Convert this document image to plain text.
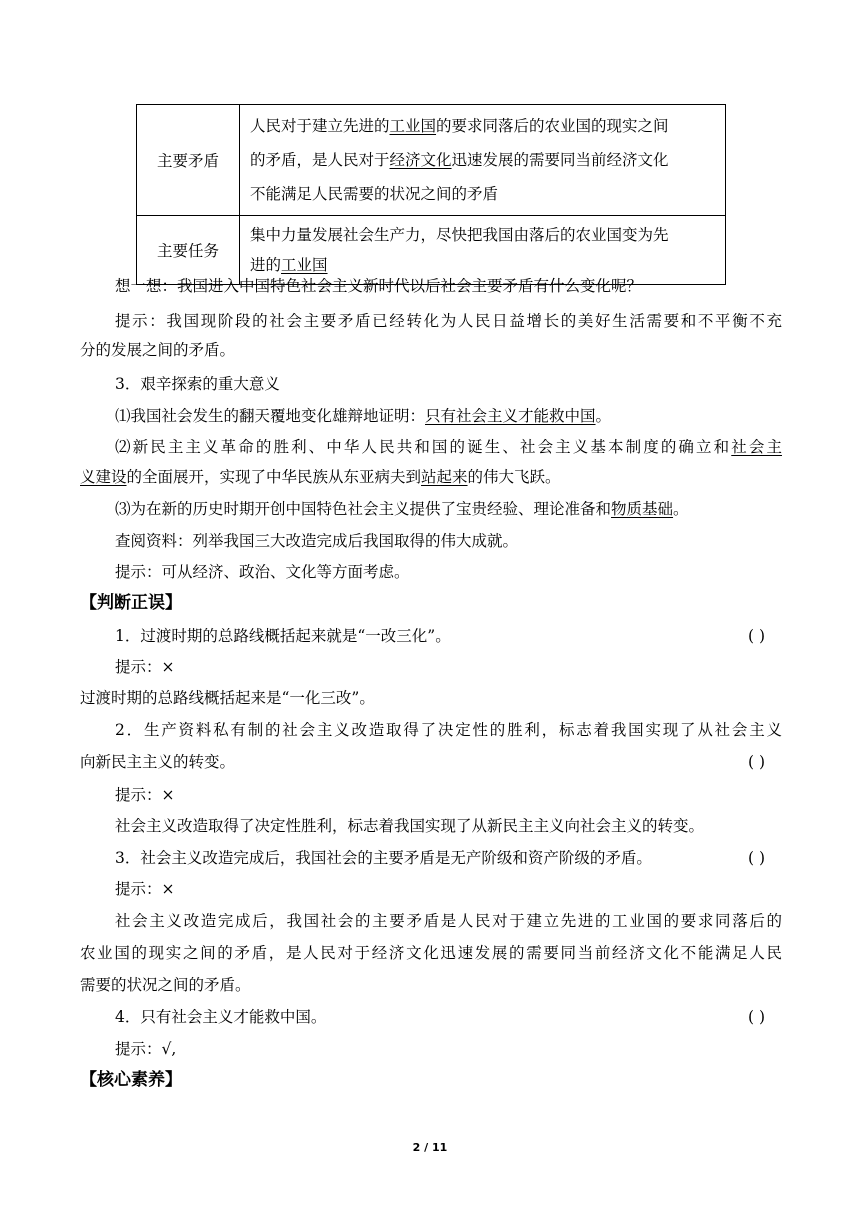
主要矛盾	人民对于建立先进的工业国的要求同落后的农业国的现实之间
的矛盾，是人民对于经济文化迅速发展的需要同当前经济文化
不能满足人民需要的状况之间的矛盾
主要任务	集中力量发展社会生产力，尽快把我国由落后的农业国变为先
进的工业国
想一想：我国进入中国特色社会主义新时代以后社会主要矛盾有什么变化呢？
提示：我国现阶段的社会主要矛盾已经转化为人民日益增长的美好生活需要和不平衡不充
分的发展之间的矛盾。
3．艰辛探索的重大意义
⑴我国社会发生的翻天覆地变化雄辩地证明：只有社会主义才能救中国。
⑵新民主主义革命的胜利、中华人民共和国的诞生、社会主义基本制度的确立和社会主
义建设的全面展开，实现了中华民族从东亚病夫到站起来的伟大飞跃。
⑶为在新的历史时期开创中国特色社会主义提供了宝贵经验、理论准备和物质基础。
查阅资料：列举我国三大改造完成后我国取得的伟大成就。
提示：可从经济、政治、文化等方面考虑。
【判断正误】
1．过渡时期的总路线概括起来就是“一改三化”。	( )
提示：×
过渡时期的总路线概括起来是“一化三改”。
2．生产资料私有制的社会主义改造取得了决定性的胜利，标志着我国实现了从社会主义
向新民主主义的转变。	( )
提示：×
社会主义改造取得了决定性胜利，标志着我国实现了从新民主主义向社会主义的转变。
3．社会主义改造完成后，我国社会的主要矛盾是无产阶级和资产阶级的矛盾。	( )
提示：×
社会主义改造完成后，我国社会的主要矛盾是人民对于建立先进的工业国的要求同落后的
农业国的现实之间的矛盾，是人民对于经济文化迅速发展的需要同当前经济文化不能满足人民
需要的状况之间的矛盾。
4．只有社会主义才能救中国。	( )
提示：√,
【核心素养】
2 / 11
